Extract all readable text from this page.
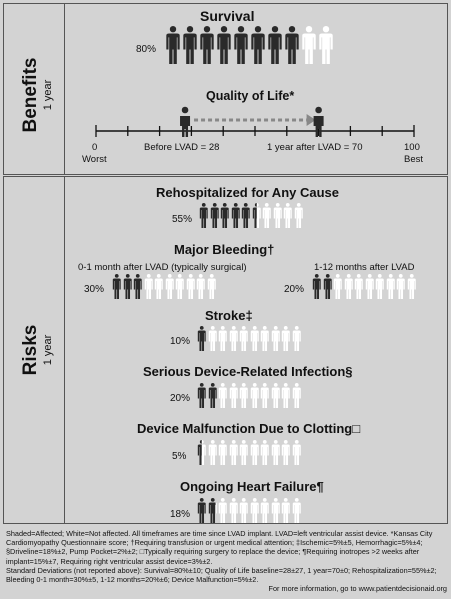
Benefits 1 year
Risks 1 year
Survival
80%
Quality of Life*
0
Worst
100
Best
Before LVAD = 28	1 year after LVAD = 70
Rehospitalized for Any Cause
55%
Major Bleeding†
0-1 month after LVAD (typically surgical)	1-12 months after LVAD
30%	20%
Stroke‡
10%
Serious Device-Related Infection§
20%
Device Malfunction Due to Clotting□
5%
Ongoing Heart Failure¶
18%
Shaded=Affected; White=Not affected. All timeframes are time since LVAD implant. LVAD=left ventricular assist device. *Kansas City Cardiomyopathy Questionnaire score; †Requiring transfusion or urgent medical attention; ‡Ischemic=5%±5, Hemorrhagic=5%±4; §Driveline=18%±2, Pump Pocket=2%±2; □Typically requiring surgery to replace the device; ¶Requiring inotropes >2 weeks after implant=15%±7, Requiring right ventricular assist device=3%±2.
Standard Deviations (not reported above): Survival=80%±10; Quality of Life baseline=28±27, 1 year=70±0; Rehospitalization=55%±2; Bleeding 0-1 month=30%±5, 1-12 months=20%±6; Device Malfunction=5%±2.
For more information, go to www.patientdecisionaid.org
